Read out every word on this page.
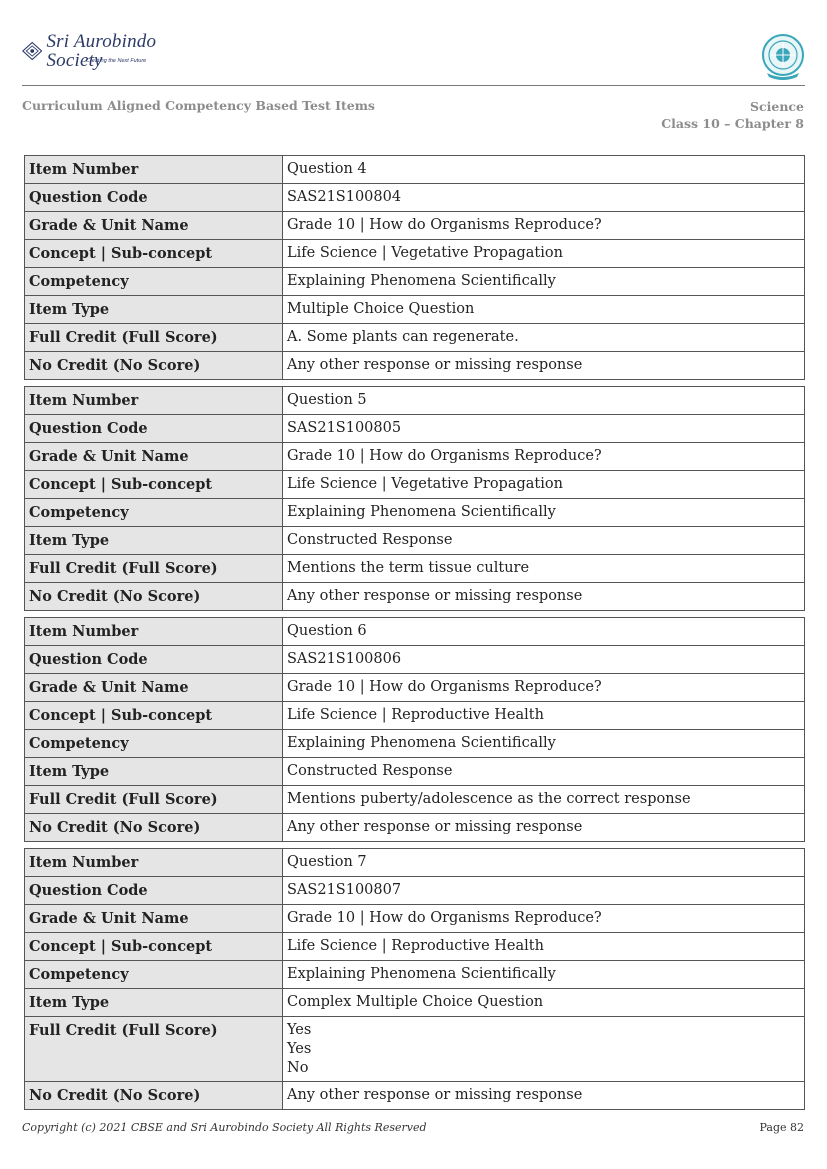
Sri Aurobindo Society
Creating the Next Future
Curriculum Aligned Competency Based Test Items	Science
Class 10 – Chapter 8
Item Number	Question 4
Question Code	SAS21S100804
Grade & Unit Name	Grade 10 | How do Organisms Reproduce?
Concept | Sub-concept	Life Science | Vegetative Propagation
Competency	Explaining Phenomena Scientifically
Item Type	Multiple Choice Question
Full Credit (Full Score)	A. Some plants can regenerate.

No Credit (No Score)	Any other response or missing response
Item Number	Question 5
Question Code	SAS21S100805
Grade & Unit Name	Grade 10 | How do Organisms Reproduce?
Concept | Sub-concept	Life Science | Vegetative Propagation
Competency	Explaining Phenomena Scientifically
Item Type	Constructed Response
Full Credit (Full Score)	Mentions the term tissue culture

No Credit (No Score)	Any other response or missing response
Item Number	Question 6
Question Code	SAS21S100806
Grade & Unit Name	Grade 10 | How do Organisms Reproduce?
Concept | Sub-concept	Life Science | Reproductive Health
Competency	Explaining Phenomena Scientifically
Item Type	Constructed Response
Full Credit (Full Score)	Mentions puberty/adolescence as the correct response

No Credit (No Score)	Any other response or missing response
Item Number	Question 7
Question Code	SAS21S100807
Grade & Unit Name	Grade 10 | How do Organisms Reproduce?
Concept | Sub-concept	Life Science | Reproductive Health
Competency	Explaining Phenomena Scientifically
Item Type	Complex Multiple Choice Question
Full Credit (Full Score)	Yes
Yes
No

No Credit (No Score)	Any other response or missing response
Copyright (c) 2021 CBSE and Sri Aurobindo Society All Rights Reserved	Page 82
